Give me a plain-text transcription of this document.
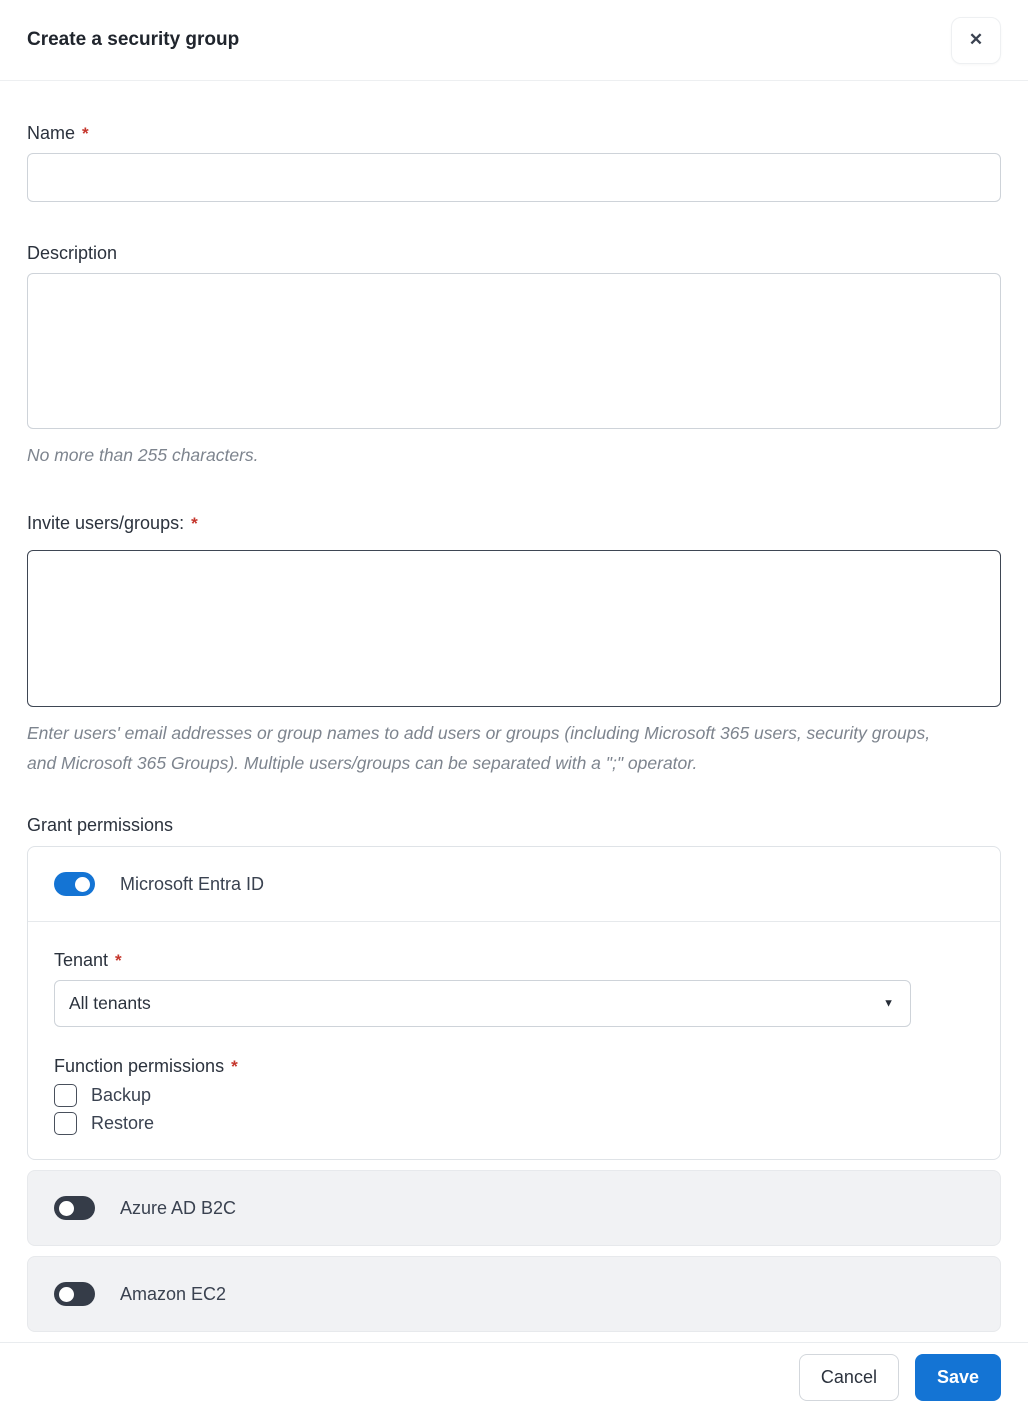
Create a security group	✕
Name *
Description
No more than 255 characters.
Invite users/groups: *
Enter users' email addresses or group names to add users or groups (including Microsoft 365 users, security groups, and Microsoft 365 Groups). Multiple users/groups can be separated with a ";" operator.
Grant permissions
Microsoft Entra ID
Tenant *
All tenants	▼
Function permissions *
Backup
Restore
Azure AD B2C
Amazon EC2
Cancel	Save
